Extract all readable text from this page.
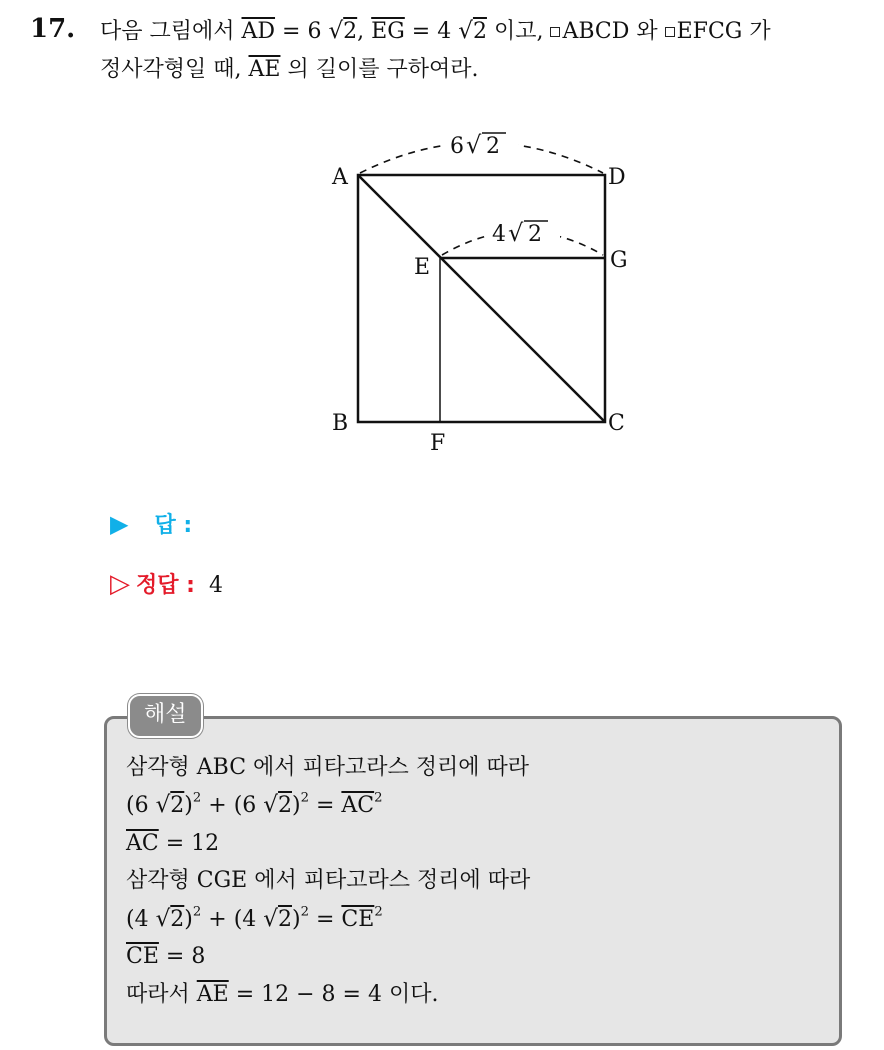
17. 다음 그림에서 $\overline{AD} = 6$ √2, $\overline{EG} = 4$ √2 이고, ABCD 와 EFCG 가
정사각형일 때, $\overline{AE}$ 의 길이를 구하여라.
6 √ 2
4 √ 2
A	D
E	G
B	C
F
▶ 답 :
▷ 정답 : 4
해설
삼각형 ABC 에서 피타고라스 정리에 따라
(6 √2)$^2$ + (6 $√2)^2 = \overline{AC}^2$
$\overline{AC} = 12$
삼각형 CGE 에서 피타고라스 정리에 따라
(4 √2)$^2$ + (4 $√2)^2 = \overline{CE}^2$
$\overline{CE} = 8$
따라서 $\overline{AE} = 12 - 8 = 4$ 이다.
